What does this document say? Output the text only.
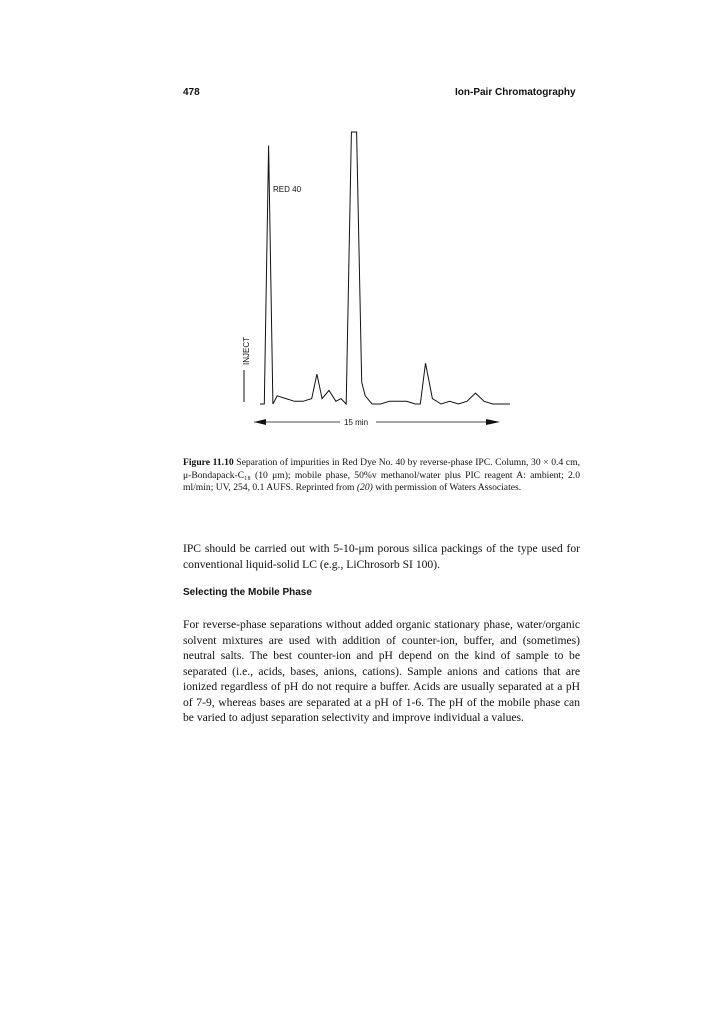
478	Ion-Pair Chromatography
INJECT
RED 40
15 min
Figure 11.10 Separation of impurities in Red Dye No. 40 by reverse-phase IPC. Column, 30 × 0.4 cm, μ-Bondapack-C₁₈ (10 μm); mobile phase, 50%v methanol/water plus PIC reagent A: ambient; 2.0 ml/min; UV, 254, 0.1 AUFS. Reprinted from (20) with permission of Waters Associates.

IPC should be carried out with 5-10-μm porous silica packings of the type used for conventional liquid-solid LC (e.g., LiChrosorb SI 100).

Selecting the Mobile Phase

For reverse-phase separations without added organic stationary phase, water/organic solvent mixtures are used with addition of counter-ion, buffer, and (sometimes) neutral salts. The best counter-ion and pH depend on the kind of sample to be separated (i.e., acids, bases, anions, cations). Sample anions and cations that are ionized regardless of pH do not require a buffer. Acids are usually separated at a pH of 7-9, whereas bases are separated at a pH of 1-6. The pH of the mobile phase can be varied to adjust separation selectivity and improve individual a values.
